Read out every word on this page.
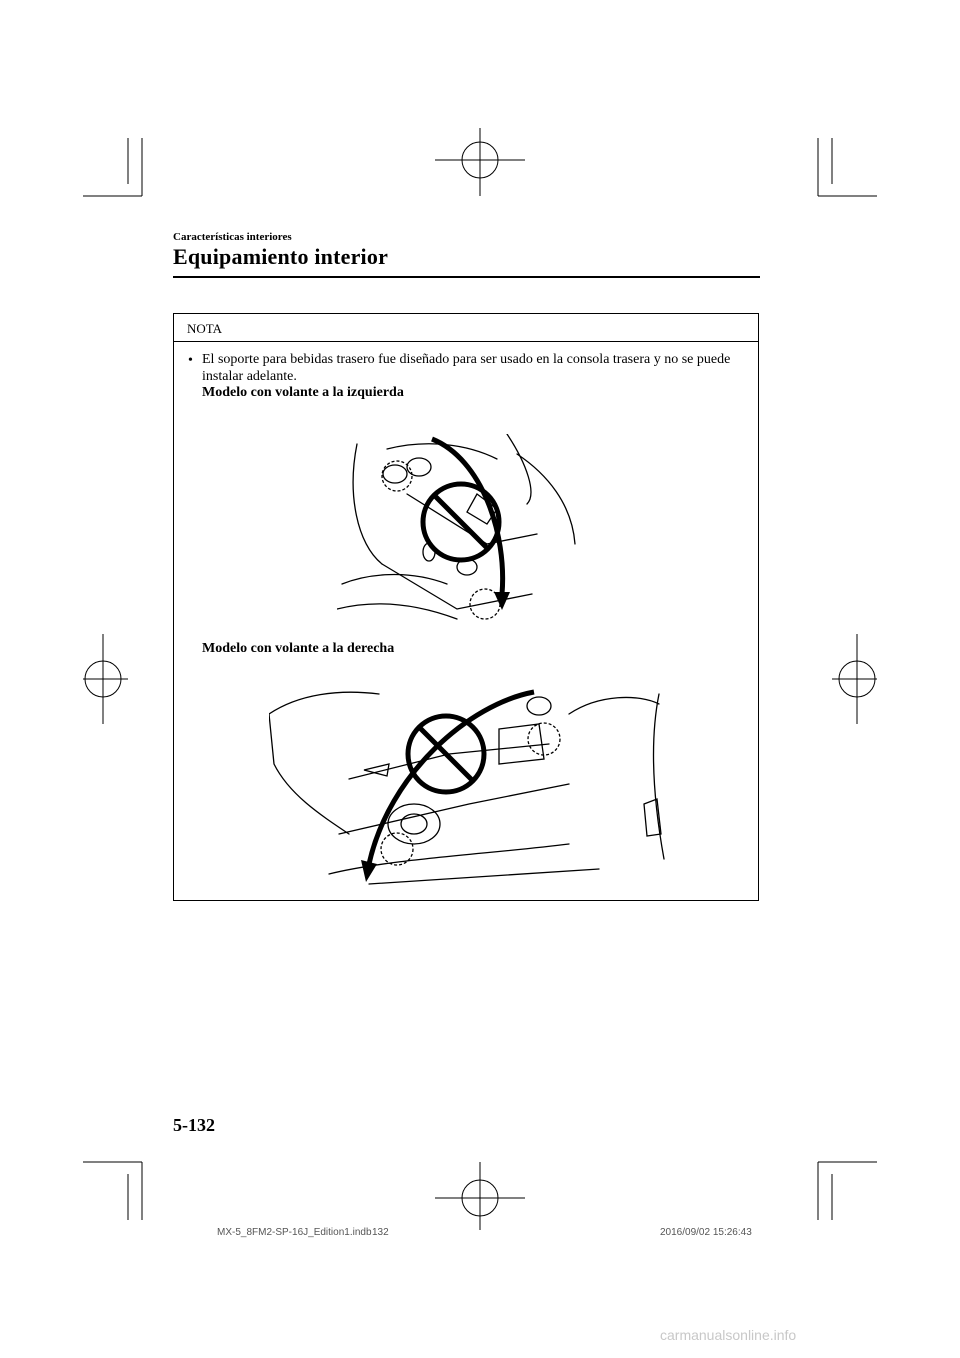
Características interiores
Equipamiento interior
NOTA
• El soporte para bebidas trasero fue diseñado para ser usado en la consola trasera y no se puede instalar adelante.
Modelo con volante a la izquierda
Modelo con volante a la derecha
5-132
MX-5_8FM2-SP-16J_Edition1.indb 132	2016/09/02 15:26:43
carmanualsonline.info
